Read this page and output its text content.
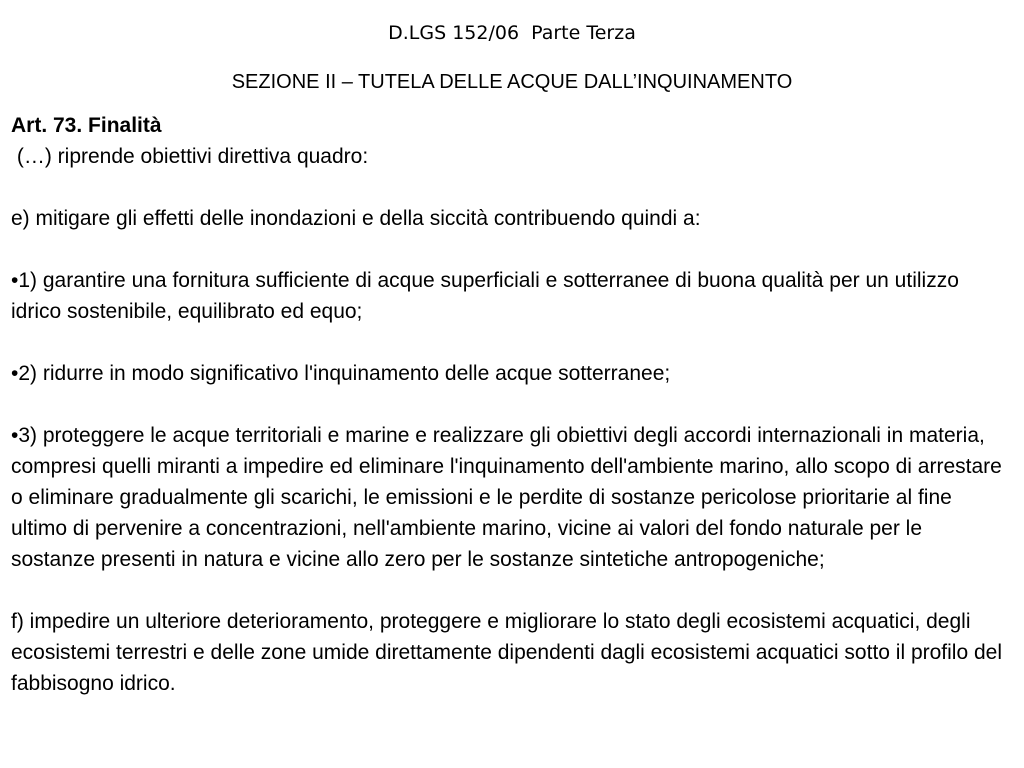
D.LGS 152/06  Parte Terza
SEZIONE II – TUTELA DELLE ACQUE DALL’INQUINAMENTO

Art. 73. Finalità

(…) riprende obiettivi direttiva quadro:

e) mitigare gli effetti delle inondazioni e della siccità contribuendo quindi a:

•1) garantire una fornitura sufficiente di acque superficiali e sotterranee di buona qualità per un utilizzo idrico sostenibile, equilibrato ed equo;

•2) ridurre in modo significativo l'inquinamento delle acque sotterranee;

•3) proteggere le acque territoriali e marine e realizzare gli obiettivi degli accordi internazionali in materia, compresi quelli miranti a impedire ed eliminare l'inquinamento dell'ambiente marino, allo scopo di arrestare o eliminare gradualmente gli scarichi, le emissioni e le perdite di sostanze pericolose prioritarie al fine ultimo di pervenire a concentrazioni, nell'ambiente marino, vicine ai valori del fondo naturale per le sostanze presenti in natura e vicine allo zero per le sostanze sintetiche antropogeniche;

f) impedire un ulteriore deterioramento, proteggere e migliorare lo stato degli ecosistemi acquatici, degli ecosistemi terrestri e delle zone umide direttamente dipendenti dagli ecosistemi acquatici sotto il profilo del fabbisogno idrico.
